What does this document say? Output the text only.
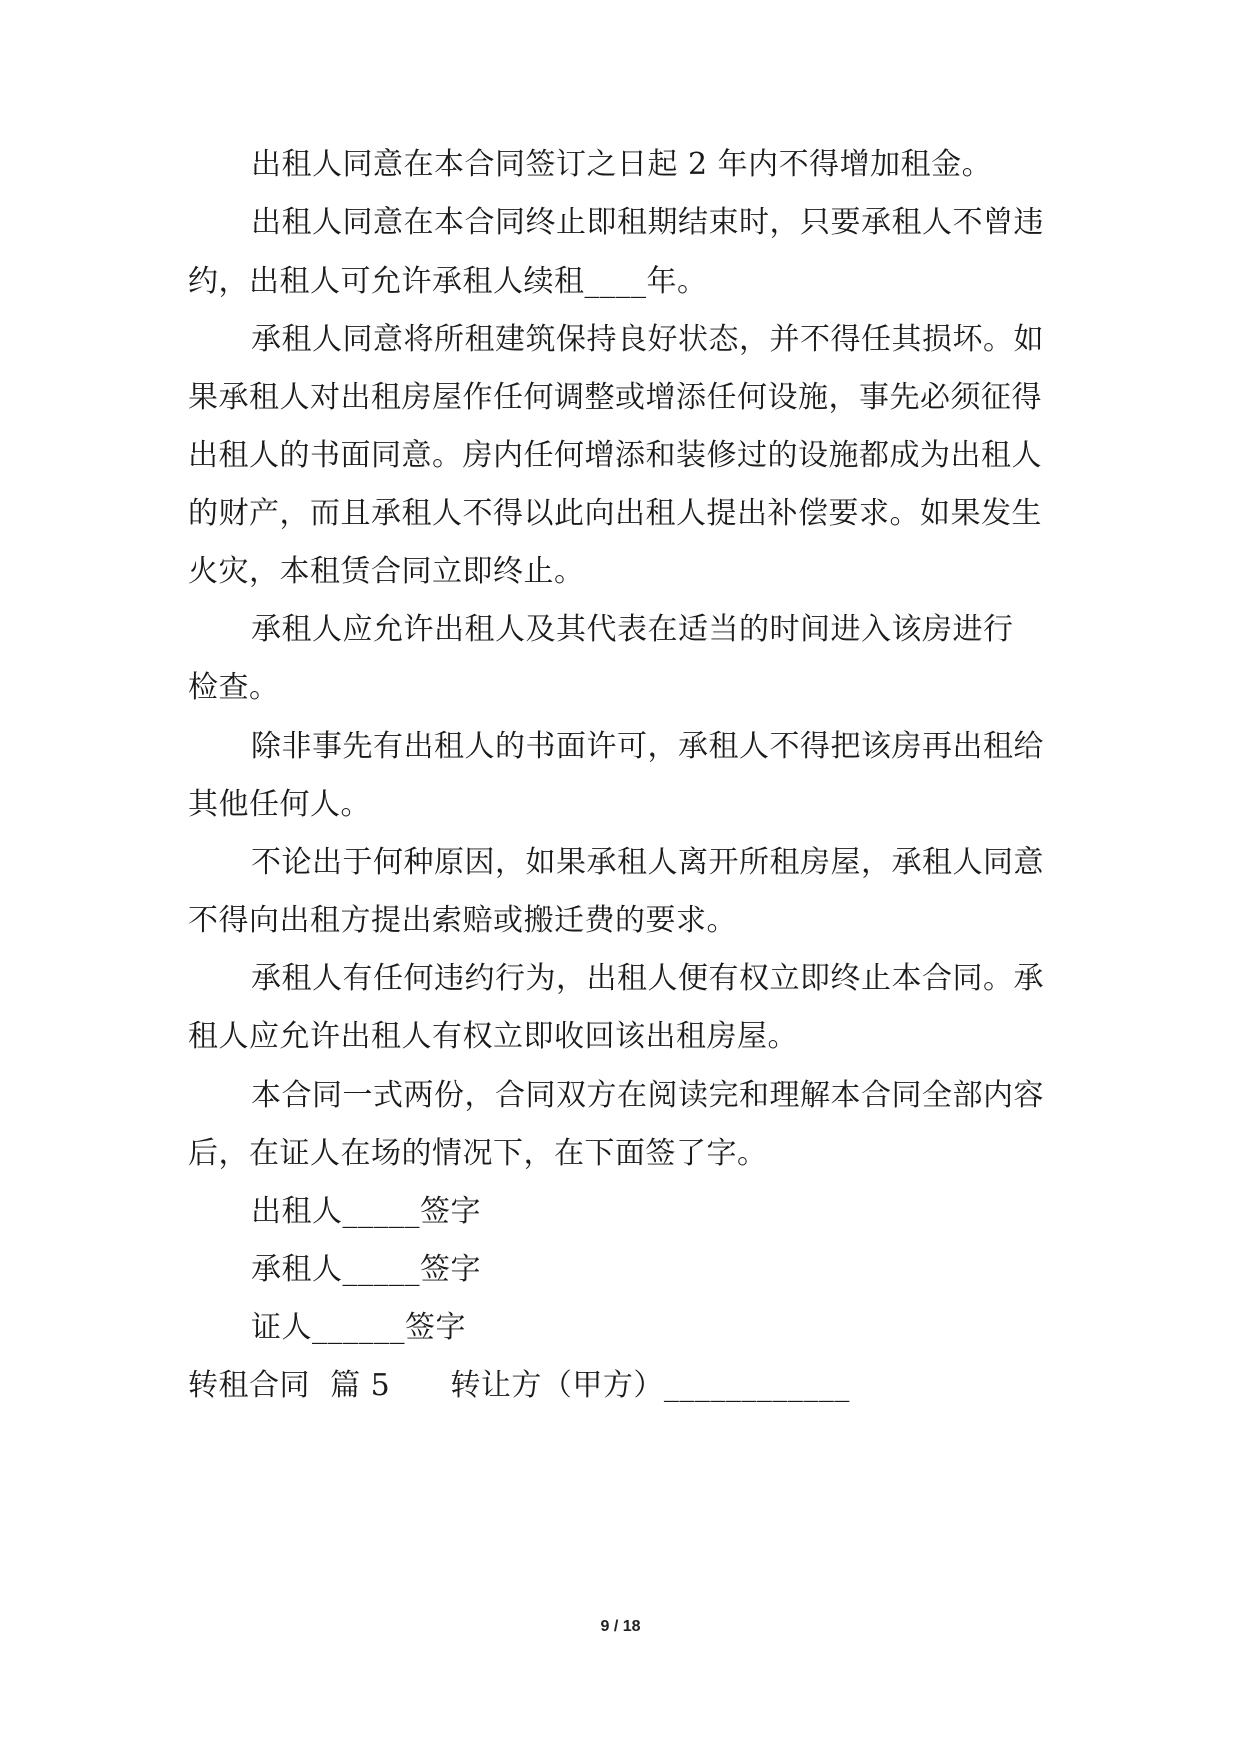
出租人同意在本合同签订之日起 2 年内不得增加租金。
出租人同意在本合同终止即租期结束时，只要承租人不曾违
约，出租人可允许承租人续租____年。
承租人同意将所租建筑保持良好状态，并不得任其损坏。如
果承租人对出租房屋作任何调整或增添任何设施，事先必须征得
出租人的书面同意。房内任何增添和装修过的设施都成为出租人
的财产，而且承租人不得以此向出租人提出补偿要求。如果发生
火灾，本租赁合同立即终止。
承租人应允许出租人及其代表在适当的时间进入该房进行
检查。
除非事先有出租人的书面许可，承租人不得把该房再出租给
其他任何人。
不论出于何种原因，如果承租人离开所租房屋，承租人同意
不得向出租方提出索赔或搬迁费的要求。
承租人有任何违约行为，出租人便有权立即终止本合同。承
租人应允许出租人有权立即收回该出租房屋。
本合同一式两份，合同双方在阅读完和理解本合同全部内容
后，在证人在场的情况下，在下面签了字。
出租人_____签字
承租人_____签字
证人______签字
转租合同  篇 5      转让方（甲方）____________
9 / 18
